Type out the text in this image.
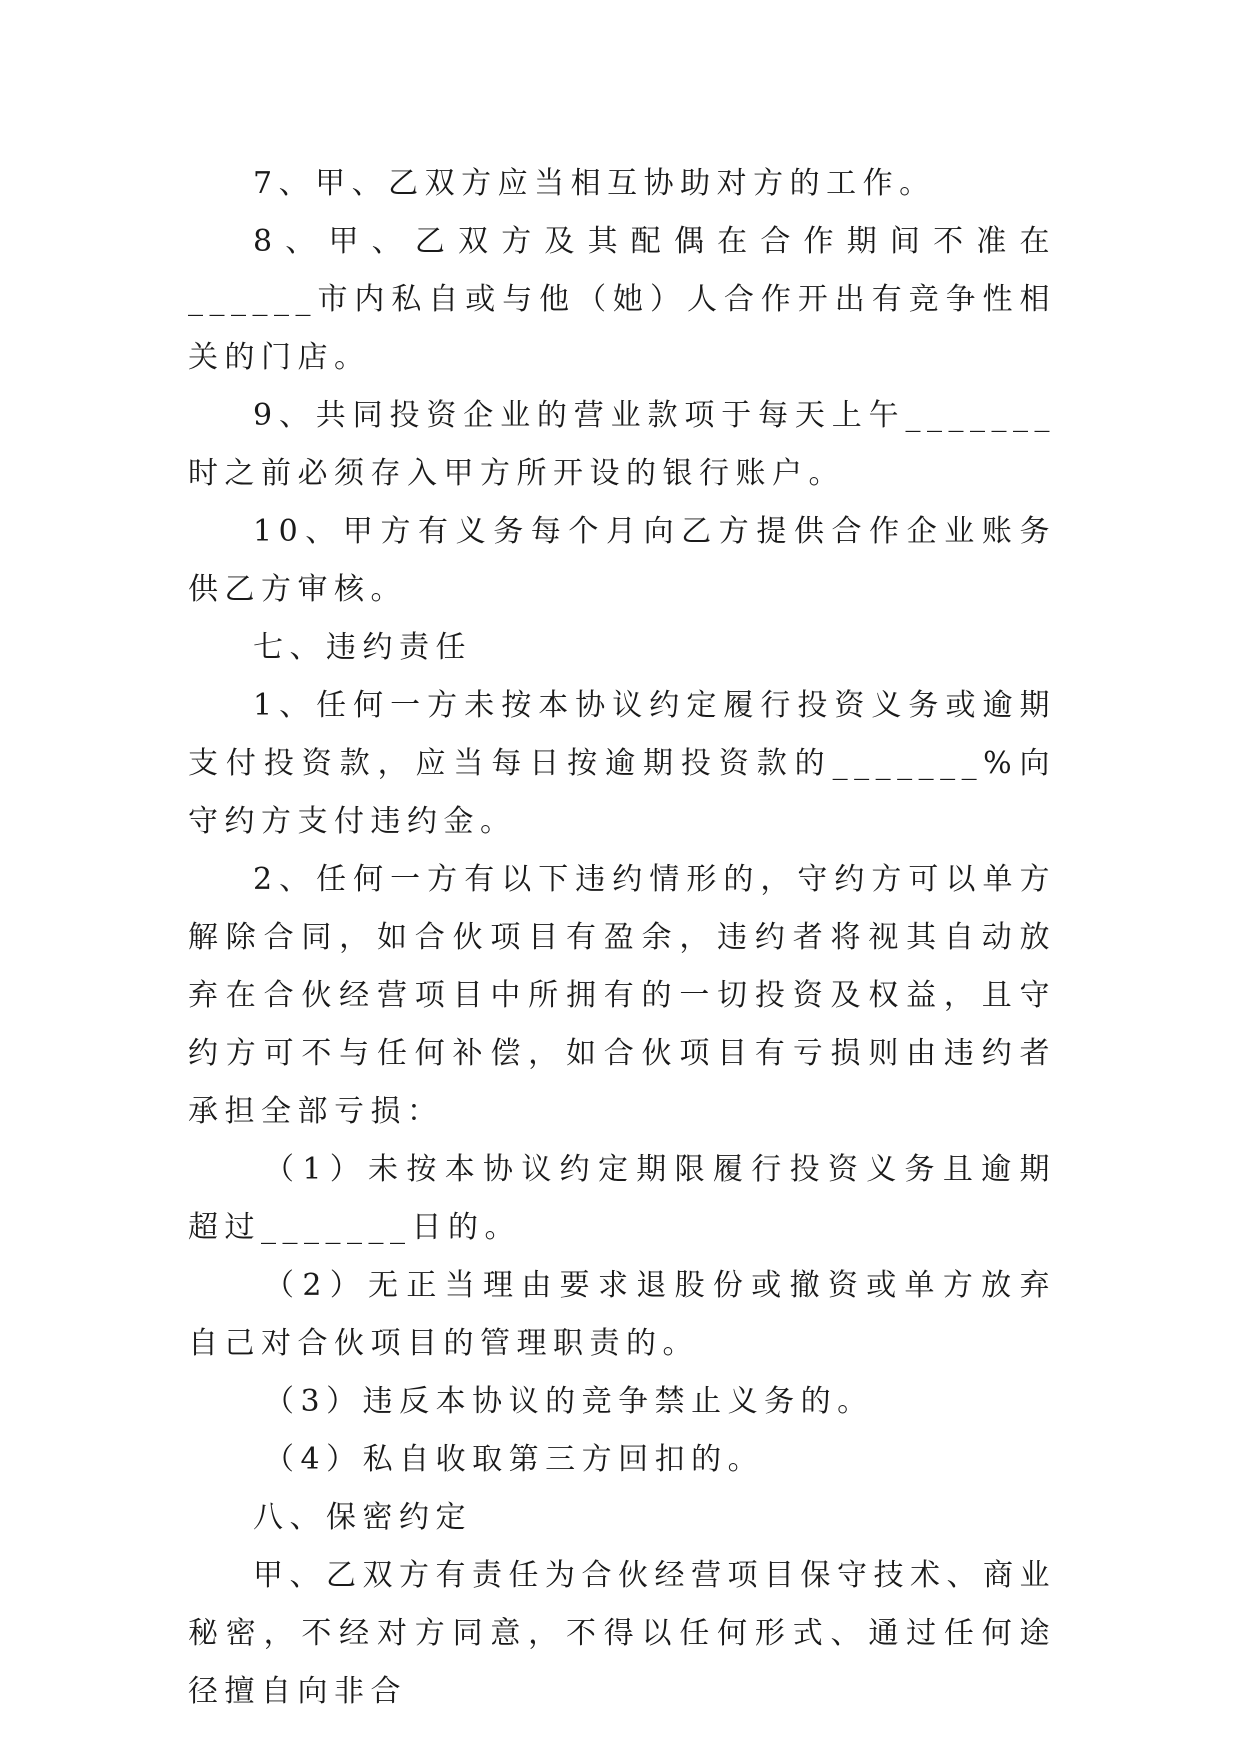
7、甲、乙双方应当相互协助对方的工作。

8、甲、乙双方及其配偶在合作期间不准在______市内私自或与他（她）人合作开出有竞争性相关的门店。

9、共同投资企业的营业款项于每天上午_______时之前必须存入甲方所开设的银行账户。

10、甲方有义务每个月向乙方提供合作企业账务供乙方审核。

七、违约责任

1、任何一方未按本协议约定履行投资义务或逾期支付投资款，应当每日按逾期投资款的_______%向守约方支付违约金。

2、任何一方有以下违约情形的，守约方可以单方解除合同，如合伙项目有盈余，违约者将视其自动放弃在合伙经营项目中所拥有的一切投资及权益，且守约方可不与任何补偿，如合伙项目有亏损则由违约者承担全部亏损：

（1）未按本协议约定期限履行投资义务且逾期超过_______日的。

（2）无正当理由要求退股份或撤资或单方放弃自己对合伙项目的管理职责的。

（3）违反本协议的竞争禁止义务的。

（4）私自收取第三方回扣的。

八、保密约定

甲、乙双方有责任为合伙经营项目保守技术、商业秘密，不经对方同意，不得以任何形式、通过任何途径擅自向非合
